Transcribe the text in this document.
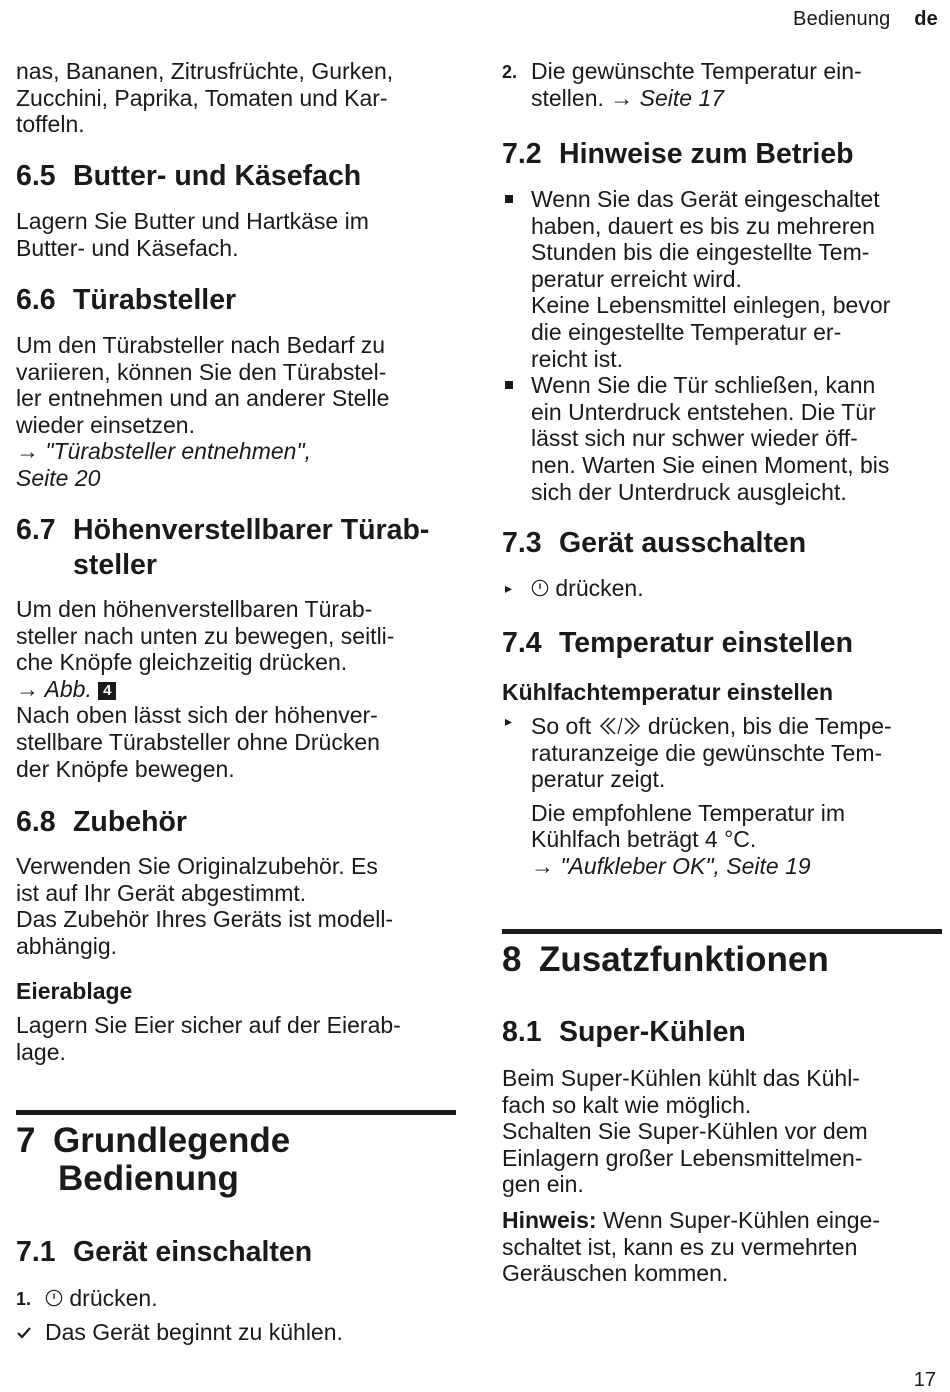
Bedienung de

nas, Bananen, Zitrusfrüchte, Gurken,

Zucchini, Paprika, Tomaten und Kar-

toffeln.

6.5 Butter- und Käsefach

Lagern Sie Butter und Hartkäse im

Butter- und Käsefach.

6.6 Türabsteller

Um den Türabsteller nach Bedarf zu

variieren, können Sie den Türabstel-

ler entnehmen und an anderer Stelle

wieder einsetzen.

→ "Türabsteller entnehmen",

Seite 20

6.7 Höhenverstellbarer Türab-
steller

Um den höhenverstellbaren Türab-

steller nach unten zu bewegen, seitli-

che Knöpfe gleichzeitig drücken.

→ Abb. 4

Nach oben lässt sich der höhenver-

stellbare Türabsteller ohne Drücken

der Knöpfe bewegen.

6.8 Zubehör

Verwenden Sie Originalzubehör. Es

ist auf Ihr Gerät abgestimmt.

Das Zubehör Ihres Geräts ist modell-

abhängig.

Eierablage

Lagern Sie Eier sicher auf der Eierab-

lage.

7 Grundlegende
Bedienung
7.1 Gerät einschalten

1. drücken.

Das Gerät beginnt zu kühlen.

2. Die gewünschte Temperatur ein-

stellen. → Seite 17

7.2 Hinweise zum Betrieb

Wenn Sie das Gerät eingeschaltet

haben, dauert es bis zu mehreren

Stunden bis die eingestellte Tem-

peratur erreicht wird.

Keine Lebensmittel einlegen, bevor

die eingestellte Temperatur er-

reicht ist.

Wenn Sie die Tür schließen, kann

ein Unterdruck entstehen. Die Tür

lässt sich nur schwer wieder öff-

nen. Warten Sie einen Moment, bis

sich der Unterdruck ausgleicht.

7.3 Gerät ausschalten

▸ drücken.

7.4 Temperatur einstellen
Kühlfachtemperatur einstellen
▸ So oft drücken, bis die Tempe-

raturanzeige die gewünschte Tem-

peratur zeigt.

Die empfohlene Temperatur im

Kühlfach beträgt 4 °C.

→ "Aufkleber OK", Seite 19

8 Zusatzfunktionen
8.1 Super-Kühlen

Beim Super-Kühlen kühlt das Kühl-

fach so kalt wie möglich.

Schalten Sie Super-Kühlen vor dem

Einlagern großer Lebensmittelmen-

gen ein.

Hinweis: Wenn Super-Kühlen einge-

schaltet ist, kann es zu vermehrten

Geräuschen kommen.

17
